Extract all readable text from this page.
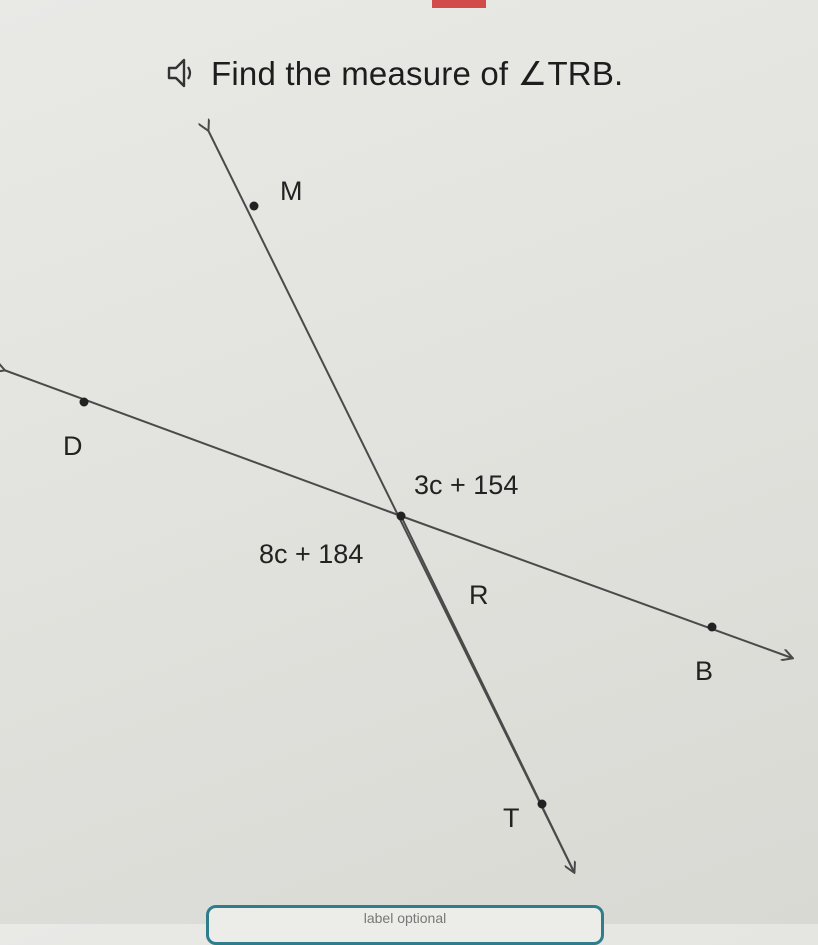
Find the measure of ∠TRB.
M
D
R
B
T
3c + 154
8c + 184
label optional
